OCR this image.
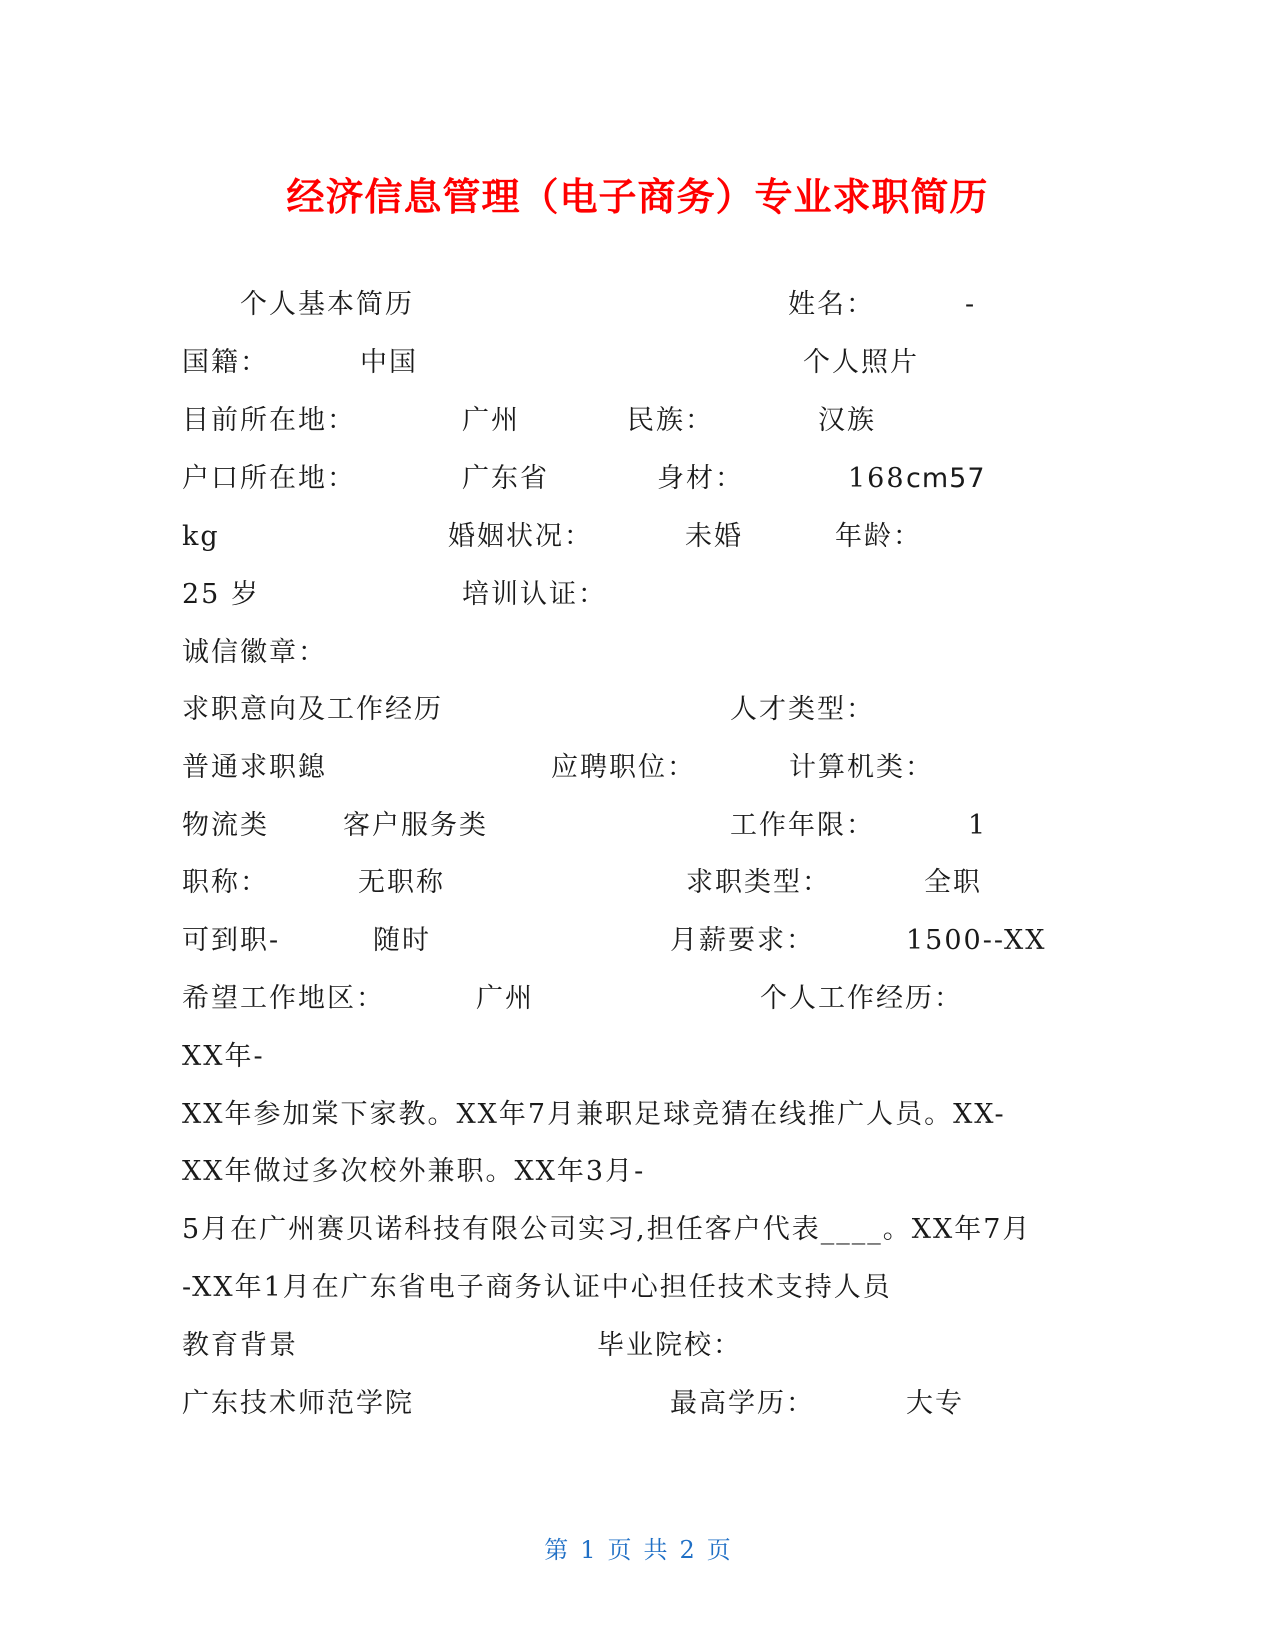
经济信息管理（电子商务）专业求职简历
个人基本简历	姓名：	-
国籍：	中国	个人照片
目前所在地：	广州	民族：	汉族
户口所在地：	广东省	身材：	168 cm57
kg	婚姻状况：	未婚	年龄：
25 岁	培训认证：
诚信徽章：
求职意向及工作经历	人才类型：
普通求职鎴	应聘职位：	计算机类：
物流类	客户服务类	工作年限：	1
职称：	无职称	求职类型：	全职
可到职-	随时	月薪要求：	1500--XX
希望工作地区：	广州	个人工作经历：
XX年-
XX年参加棠下家教。XX年7月兼职足球竞猜在线推广人员。XX-
XX年做过多次校外兼职。XX年3月-
5月在广州赛贝诺科技有限公司实习,担任客户代表____。XX年7月
-XX年1月在广东省电子商务认证中心担任技术支持人员
教育背景	毕业院校：
广东技术师范学院	最高学历：	大专
第 1 页 共 2 页
